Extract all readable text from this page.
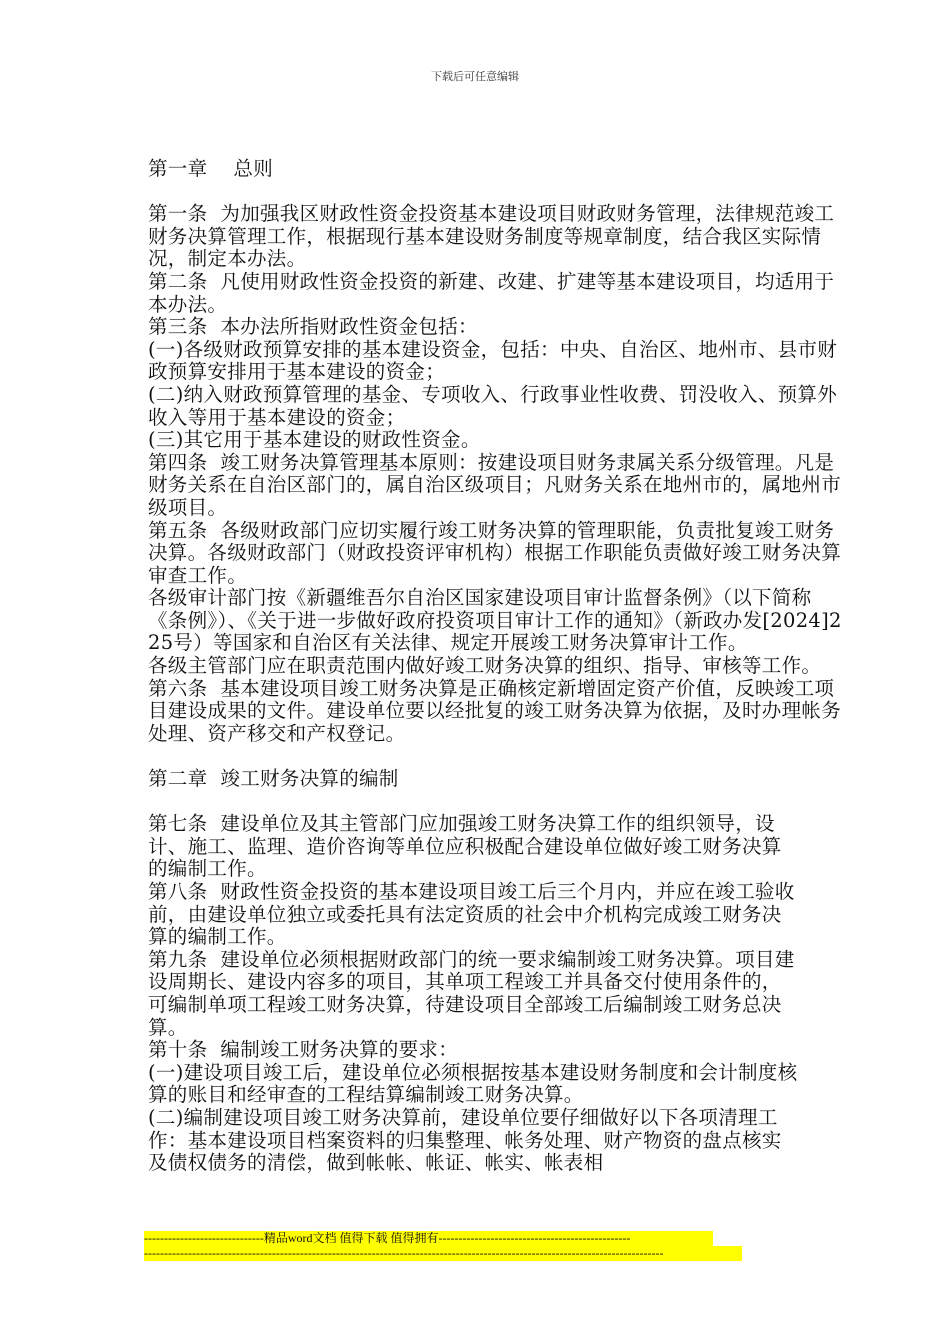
下载后可任意编辑

第一章    总则

第一条  为加强我区财政性资金投资基本建设项目财政财务管理，法律规范竣工财务决算管理工作，根据现行基本建设财务制度等规章制度，结合我区实际情况，制定本办法。

第二条  凡使用财政性资金投资的新建、改建、扩建等基本建设项目，均适用于本办法。

第三条  本办法所指财政性资金包括：

(一)各级财政预算安排的基本建设资金，包括：中央、自治区、地州市、县市财政预算安排用于基本建设的资金；

(二)纳入财政预算管理的基金、专项收入、行政事业性收费、罚没收入、预算外收入等用于基本建设的资金；

(三)其它用于基本建设的财政性资金。

第四条  竣工财务决算管理基本原则：按建设项目财务隶属关系分级管理。凡是财务关系在自治区部门的，属自治区级项目；凡财务关系在地州市的，属地州市级项目。

第五条  各级财政部门应切实履行竣工财务决算的管理职能，负责批复竣工财务决算。各级财政部门（财政投资评审机构）根据工作职能负责做好竣工财务决算审查工作。

各级审计部门按《新疆维吾尔自治区国家建设项目审计监督条例》（以下简称《条例》）、《关于进一步做好政府投资项目审计工作的通知》（新政办发[2024]225号）等国家和自治区有关法律、规定开展竣工财务决算审计工作。

各级主管部门应在职责范围内做好竣工财务决算的组织、指导、审核等工作。

第六条  基本建设项目竣工财务决算是正确核定新增固定资产价值，反映竣工项目建设成果的文件。建设单位要以经批复的竣工财务决算为依据，及时办理帐务处理、资产移交和产权登记。

第二章  竣工财务决算的编制

第七条  建设单位及其主管部门应加强竣工财务决算工作的组织领导，设计、施工、监理、造价咨询等单位应积极配合建设单位做好竣工财务决算的编制工作。

第八条  财政性资金投资的基本建设项目竣工后三个月内，并应在竣工验收前，由建设单位独立或委托具有法定资质的社会中介机构完成竣工财务决算的编制工作。

第九条  建设单位必须根据财政部门的统一要求编制竣工财务决算。项目建设周期长、建设内容多的项目，其单项工程竣工并具备交付使用条件的，可编制单项工程竣工财务决算，待建设项目全部竣工后编制竣工财务总决算。

第十条  编制竣工财务决算的要求：

(一)建设项目竣工后，建设单位必须根据按基本建设财务制度和会计制度核算的账目和经审查的工程结算编制竣工财务决算。

(二)编制建设项目竣工财务决算前，建设单位要仔细做好以下各项清理工作：基本建设项目档案资料的归集整理、帐务处理、财产物资的盘点核实及债权债务的清偿，做到帐帐、帐证、帐实、帐表相

------------------------------精品word文档 值得下载 值得拥有------------------------------------------------
----------------------------------------------------------------------------------------------------------------------------------
